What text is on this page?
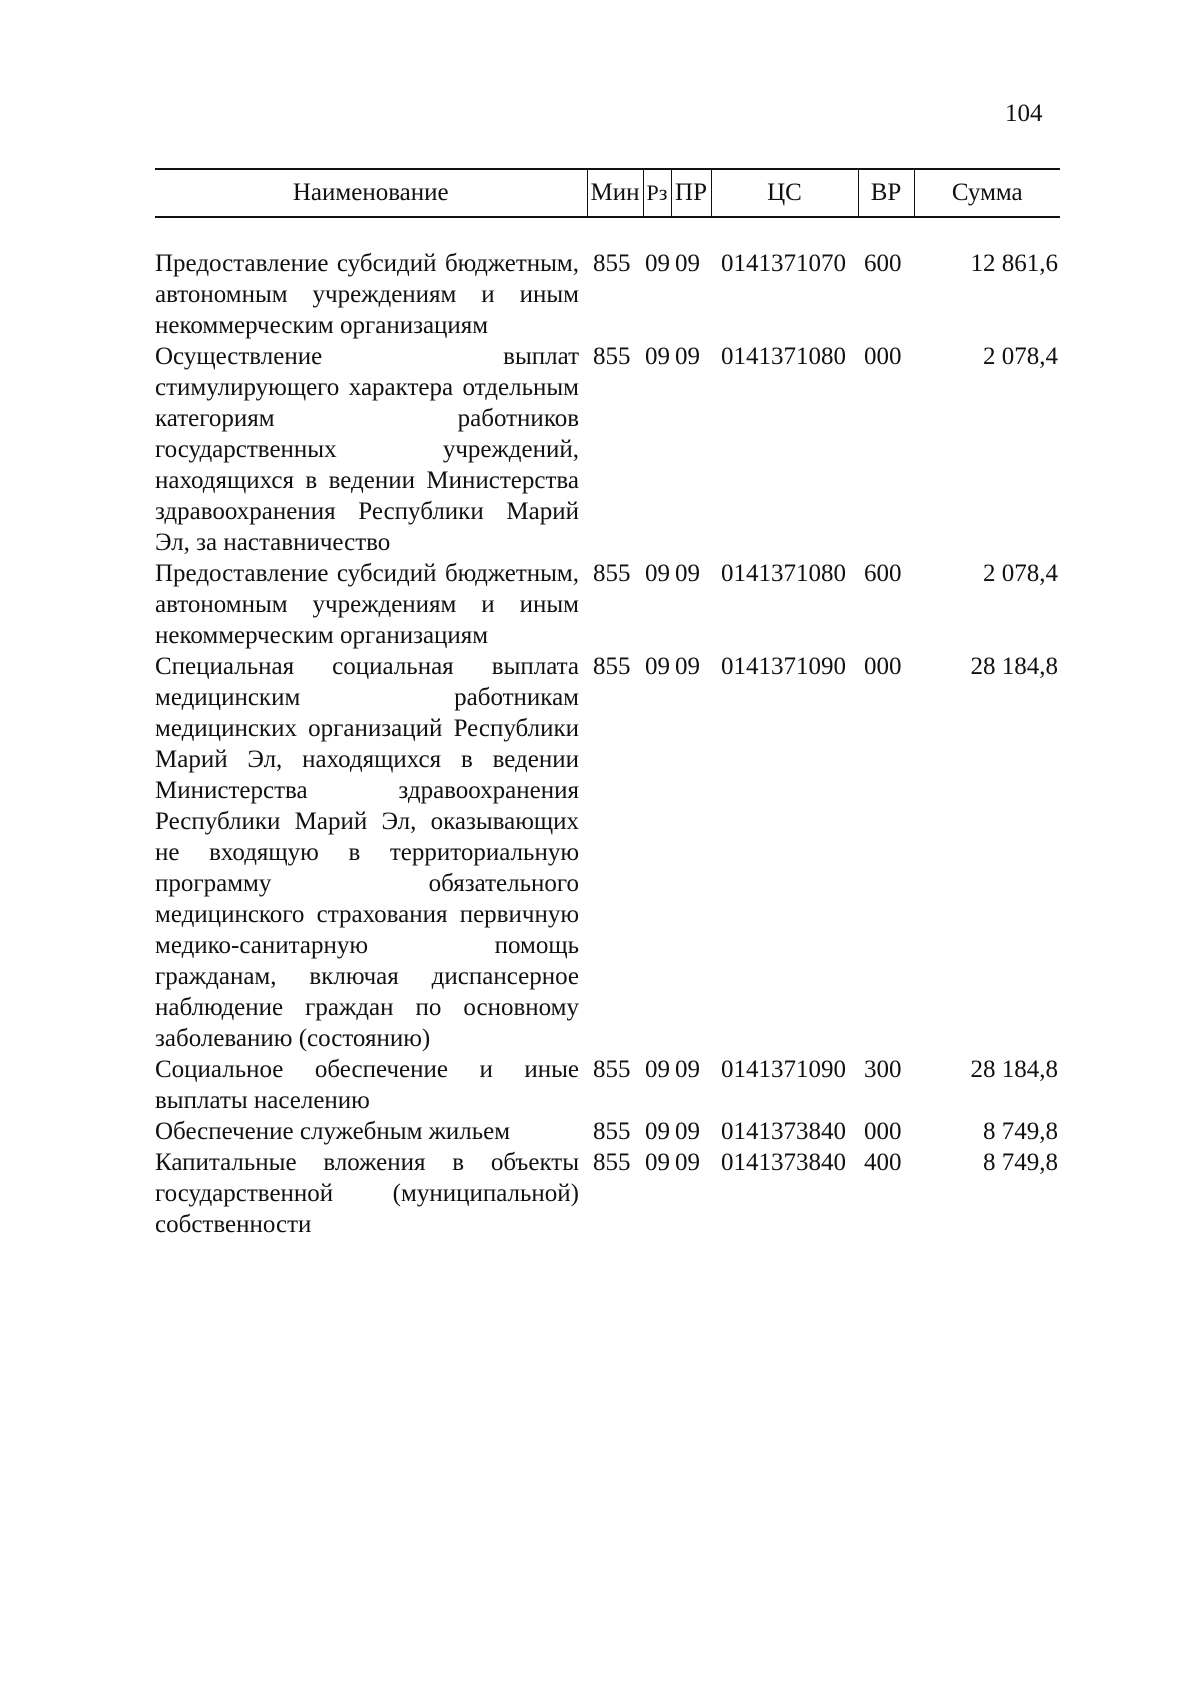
104
Наименование	Мин	Рз	ПР	ЦС	ВР	Сумма

Предоставление субсидий бюджетным, автономным учреждениям и иным некоммерческим организациям	855	09	09	0141371070	600	12 861,6
Осуществление выплат стимулирующего характера отдельным категориям работников государственных учреждений, находящихся в ведении Министерства здравоохранения Республики Марий Эл, за наставничество	855	09	09	0141371080	000	2 078,4
Предоставление субсидий бюджетным, автономным учреждениям и иным некоммерческим организациям	855	09	09	0141371080	600	2 078,4
Специальная социальная выплата медицинским работникам медицинских организаций Республики Марий Эл, находящихся в ведении Министерства здравоохранения Республики Марий Эл, оказывающих не входящую в территориальную программу обязательного медицинского страхования первичную медико-санитарную помощь гражданам, включая диспансерное наблюдение граждан по основному заболеванию (состоянию)	855	09	09	0141371090	000	28 184,8
Социальное обеспечение и иные выплаты населению	855	09	09	0141371090	300	28 184,8
Обеспечение служебным жильем	855	09	09	0141373840	000	8 749,8
Капитальные вложения в объекты государственной (муниципальной) собственности	855	09	09	0141373840	400	8 749,8
